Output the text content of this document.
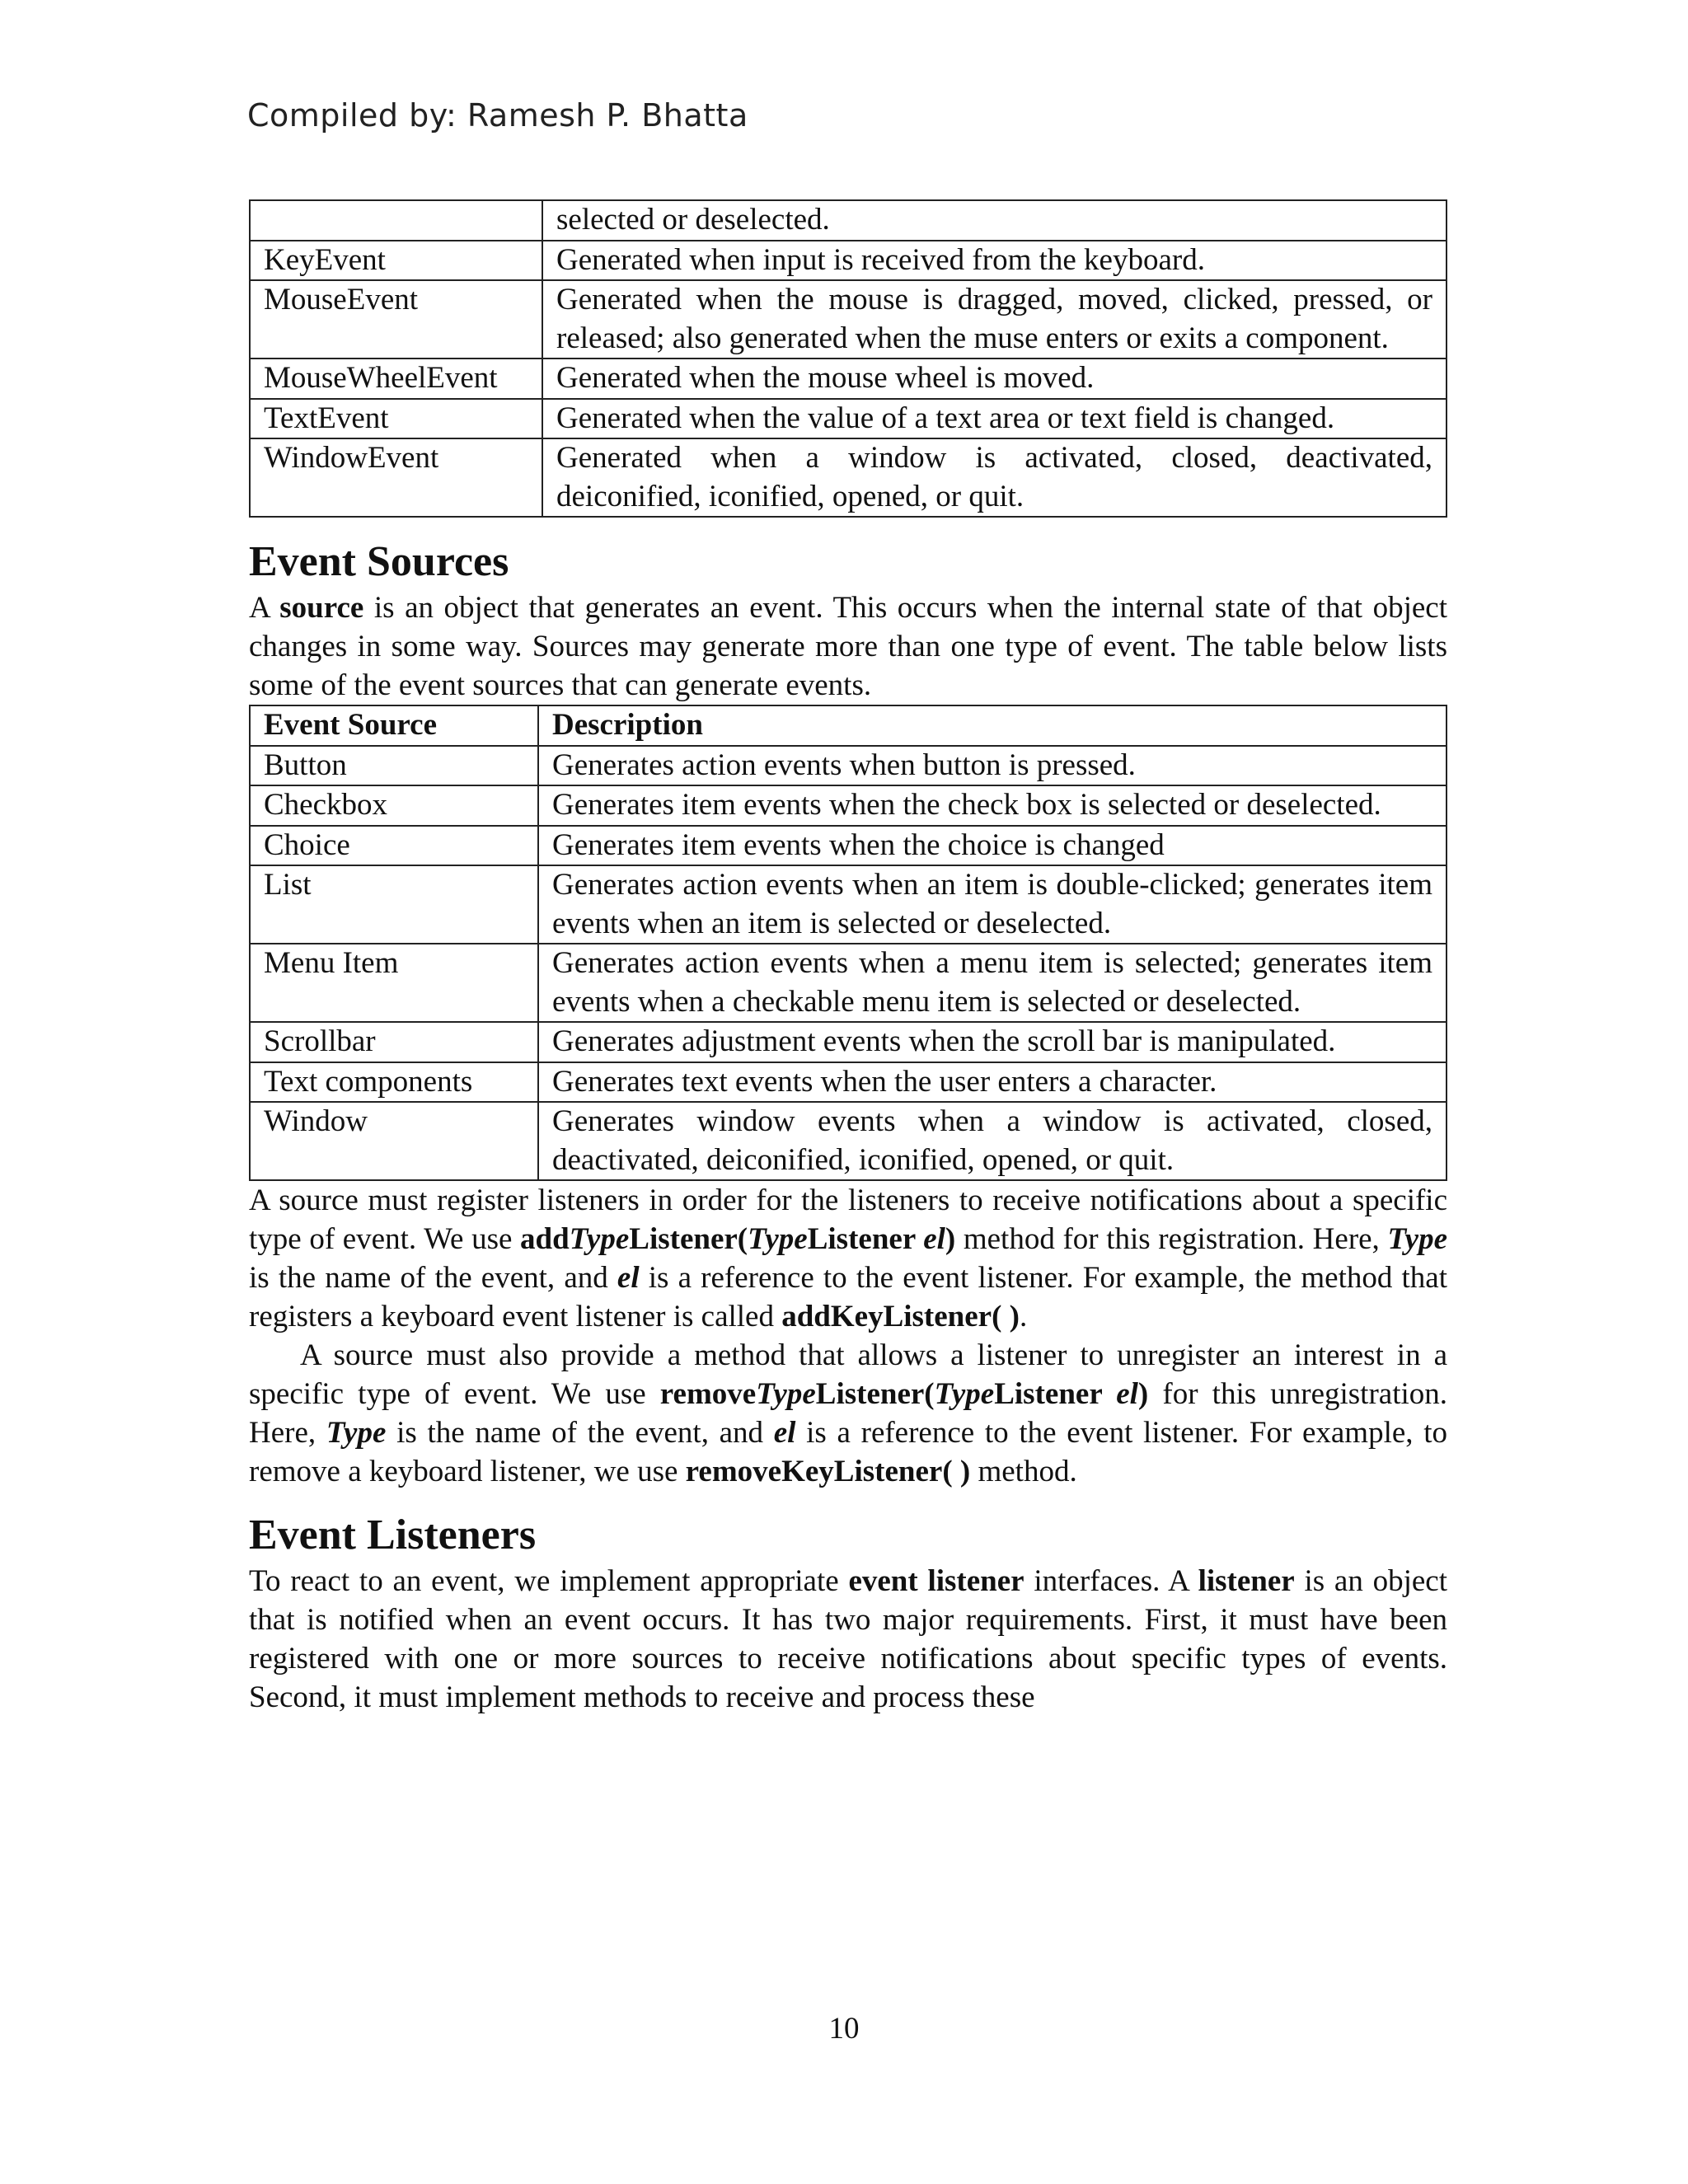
Compiled by: Ramesh P. Bhatta
	selected or deselected.
KeyEvent	Generated when input is received from the keyboard.
MouseEvent	Generated when the mouse is dragged, moved, clicked, pressed, or released; also generated when the muse enters or exits a component.
MouseWheelEvent	Generated when the mouse wheel is moved.
TextEvent	Generated when the value of a text area or text field is changed.
WindowEvent	Generated when a window is activated, closed, deactivated, deiconified, iconified, opened, or quit.
Event Sources

A source is an object that generates an event. This occurs when the internal state of that object changes in some way. Sources may generate more than one type of event. The table below lists some of the event sources that can generate events.

Event Source	Description
Button	Generates action events when button is pressed.
Checkbox	Generates item events when the check box is selected or deselected.
Choice	Generates item events when the choice is changed
List	Generates action events when an item is double-clicked; generates item events when an item is selected or deselected.
Menu Item	Generates action events when a menu item is selected; generates item events when a checkable menu item is selected or deselected.
Scrollbar	Generates adjustment events when the scroll bar is manipulated.
Text components	Generates text events when the user enters a character.
Window	Generates window events when a window is activated, closed, deactivated, deiconified, iconified, opened, or quit.

A source must register listeners in order for the listeners to receive notifications about a specific type of event. We use addTypeListener(TypeListener el) method for this registration. Here, Type is the name of the event, and el is a reference to the event listener. For example, the method that registers a keyboard event listener is called addKeyListener( ).

A source must also provide a method that allows a listener to unregister an interest in a specific type of event. We use removeTypeListener(TypeListener el) for this unregistration. Here, Type is the name of the event, and el is a reference to the event listener. For example, to remove a keyboard listener, we use removeKeyListener( ) method.

Event Listeners

To react to an event, we implement appropriate event listener interfaces. A listener is an object that is notified when an event occurs. It has two major requirements. First, it must have been registered with one or more sources to receive notifications about specific types of events. Second, it must implement methods to receive and process these

10
